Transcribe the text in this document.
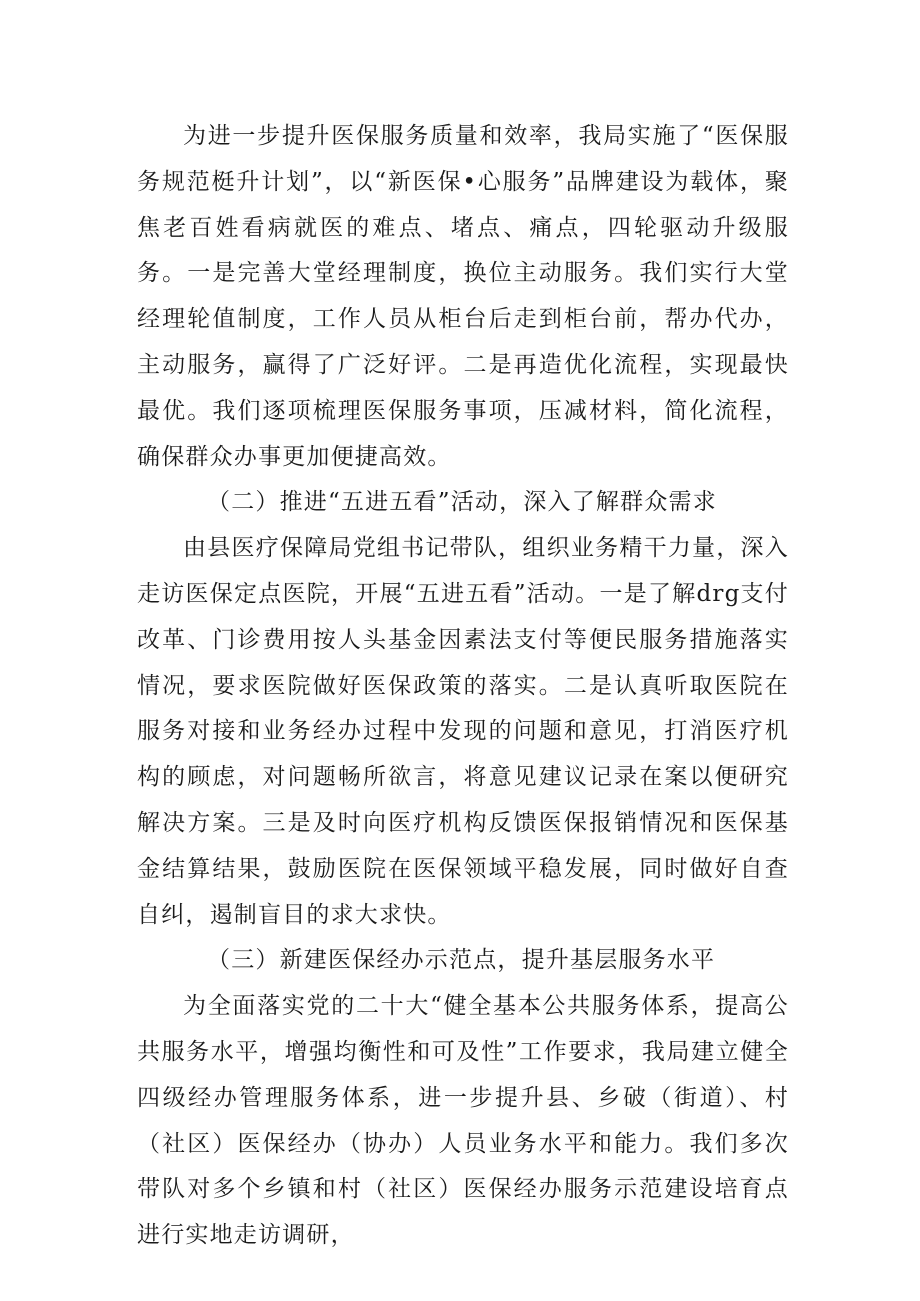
为进一步提升医保服务质量和效率，我局实施了“医保服务规范梃升计划”，以“新医保•心服务”品牌建设为载体，聚焦老百姓看病就医的难点、堵点、痛点，四轮驱动升级服务。一是完善大堂经理制度，换位主动服务。我们实行大堂经理轮值制度，工作人员从柜台后走到柜台前，帮办代办，主动服务，赢得了广泛好评。二是再造优化流程，实现最快最优。我们逐项梳理医保服务事项，压减材料，简化流程，确保群众办事更加便捷高效。

（二）推进“五进五看”活动，深入了解群众需求

由县医疗保障局党组书记带队，组织业务精干力量，深入走访医保定点医院，开展“五进五看”活动。一是了解drg支付改革、门诊费用按人头基金因素法支付等便民服务措施落实情况，要求医院做好医保政策的落实。二是认真听取医院在服务对接和业务经办过程中发现的问题和意见，打消医疗机构的顾虑，对问题畅所欲言，将意见建议记录在案以便研究解决方案。三是及时向医疗机构反馈医保报销情况和医保基金结算结果，鼓励医院在医保领域平稳发展，同时做好自查自纠，遏制盲目的求大求快。

（三）新建医保经办示范点，提升基层服务水平

为全面落实党的二十大“健全基本公共服务体系，提高公共服务水平，增强均衡性和可及性”工作要求，我局建立健全四级经办管理服务体系，进一步提升县、乡破（街道）、村（社区）医保经办（协办）人员业务水平和能力。我们多次带队对多个乡镇和村（社区）医保经办服务示范建设培育点进行实地走访调研，
